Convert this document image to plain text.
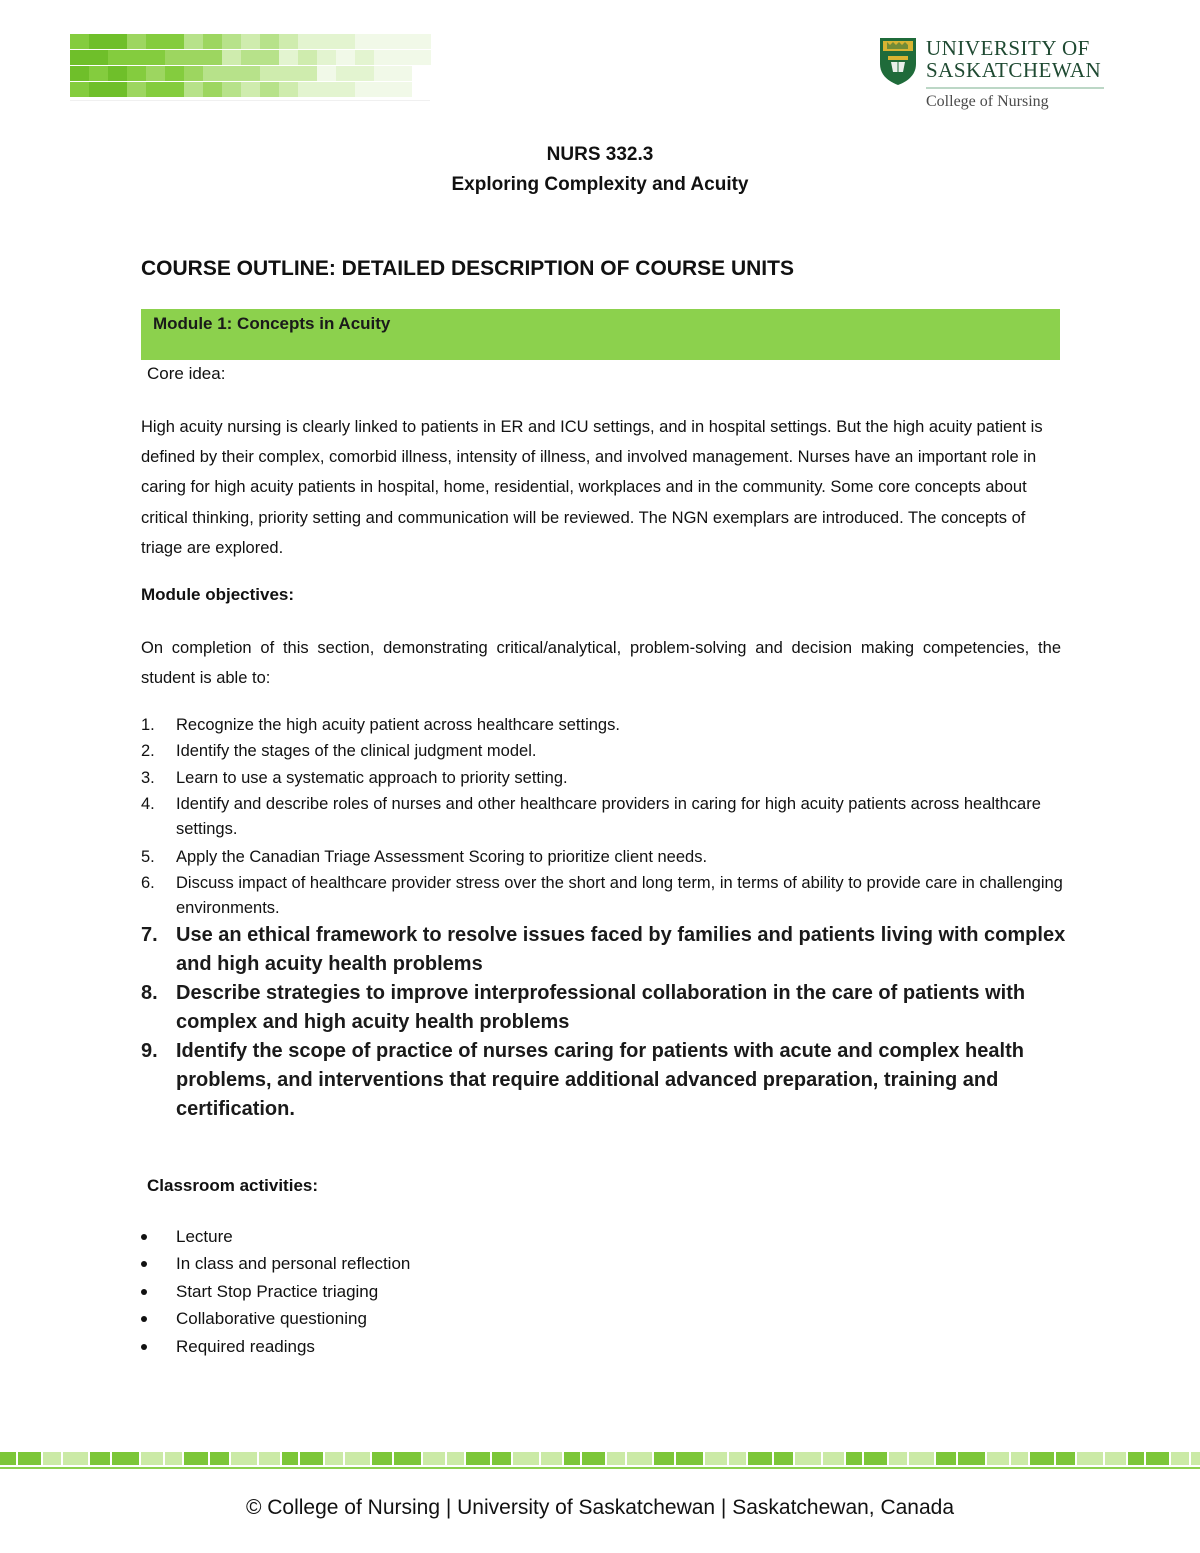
UNIVERSITY OF
SASKATCHEWAN
College of Nursing
NURS 332.3
Exploring Complexity and Acuity
COURSE OUTLINE: DETAILED DESCRIPTION OF COURSE UNITS
Module 1: Concepts in Acuity
Core idea:
High acuity nursing is clearly linked to patients in ER and ICU settings, and in hospital settings. But the high acuity patient is defined by their complex, comorbid illness, intensity of illness, and involved management. Nurses have an important role in caring for high acuity patients in hospital, home, residential, workplaces and in the community. Some core concepts about critical thinking, priority setting and communication will be reviewed. The NGN exemplars are introduced. The concepts of triage are explored.
Module objectives:
On completion of this section, demonstrating critical/analytical, problem-solving and decision making competencies, the student is able to:
1. Recognize the high acuity patient across healthcare settings.
2. Identify the stages of the clinical judgment model.
3. Learn to use a systematic approach to priority setting.
4. Identify and describe roles of nurses and other healthcare providers in caring for high acuity patients across healthcare settings.
5. Apply the Canadian Triage Assessment Scoring to prioritize client needs.
6. Discuss impact of healthcare provider stress over the short and long term, in terms of ability to provide care in challenging environments.
7. Use an ethical framework to resolve issues faced by families and patients living with complex and high acuity health problems
8. Describe strategies to improve interprofessional collaboration in the care of patients with complex and high acuity health problems
9. Identify the scope of practice of nurses caring for patients with acute and complex health problems, and interventions that require additional advanced preparation, training and certification.
Classroom activities:
Lecture
In class and personal reflection
Start Stop Practice triaging
Collaborative questioning
Required readings
© College of Nursing | University of Saskatchewan | Saskatchewan, Canada
